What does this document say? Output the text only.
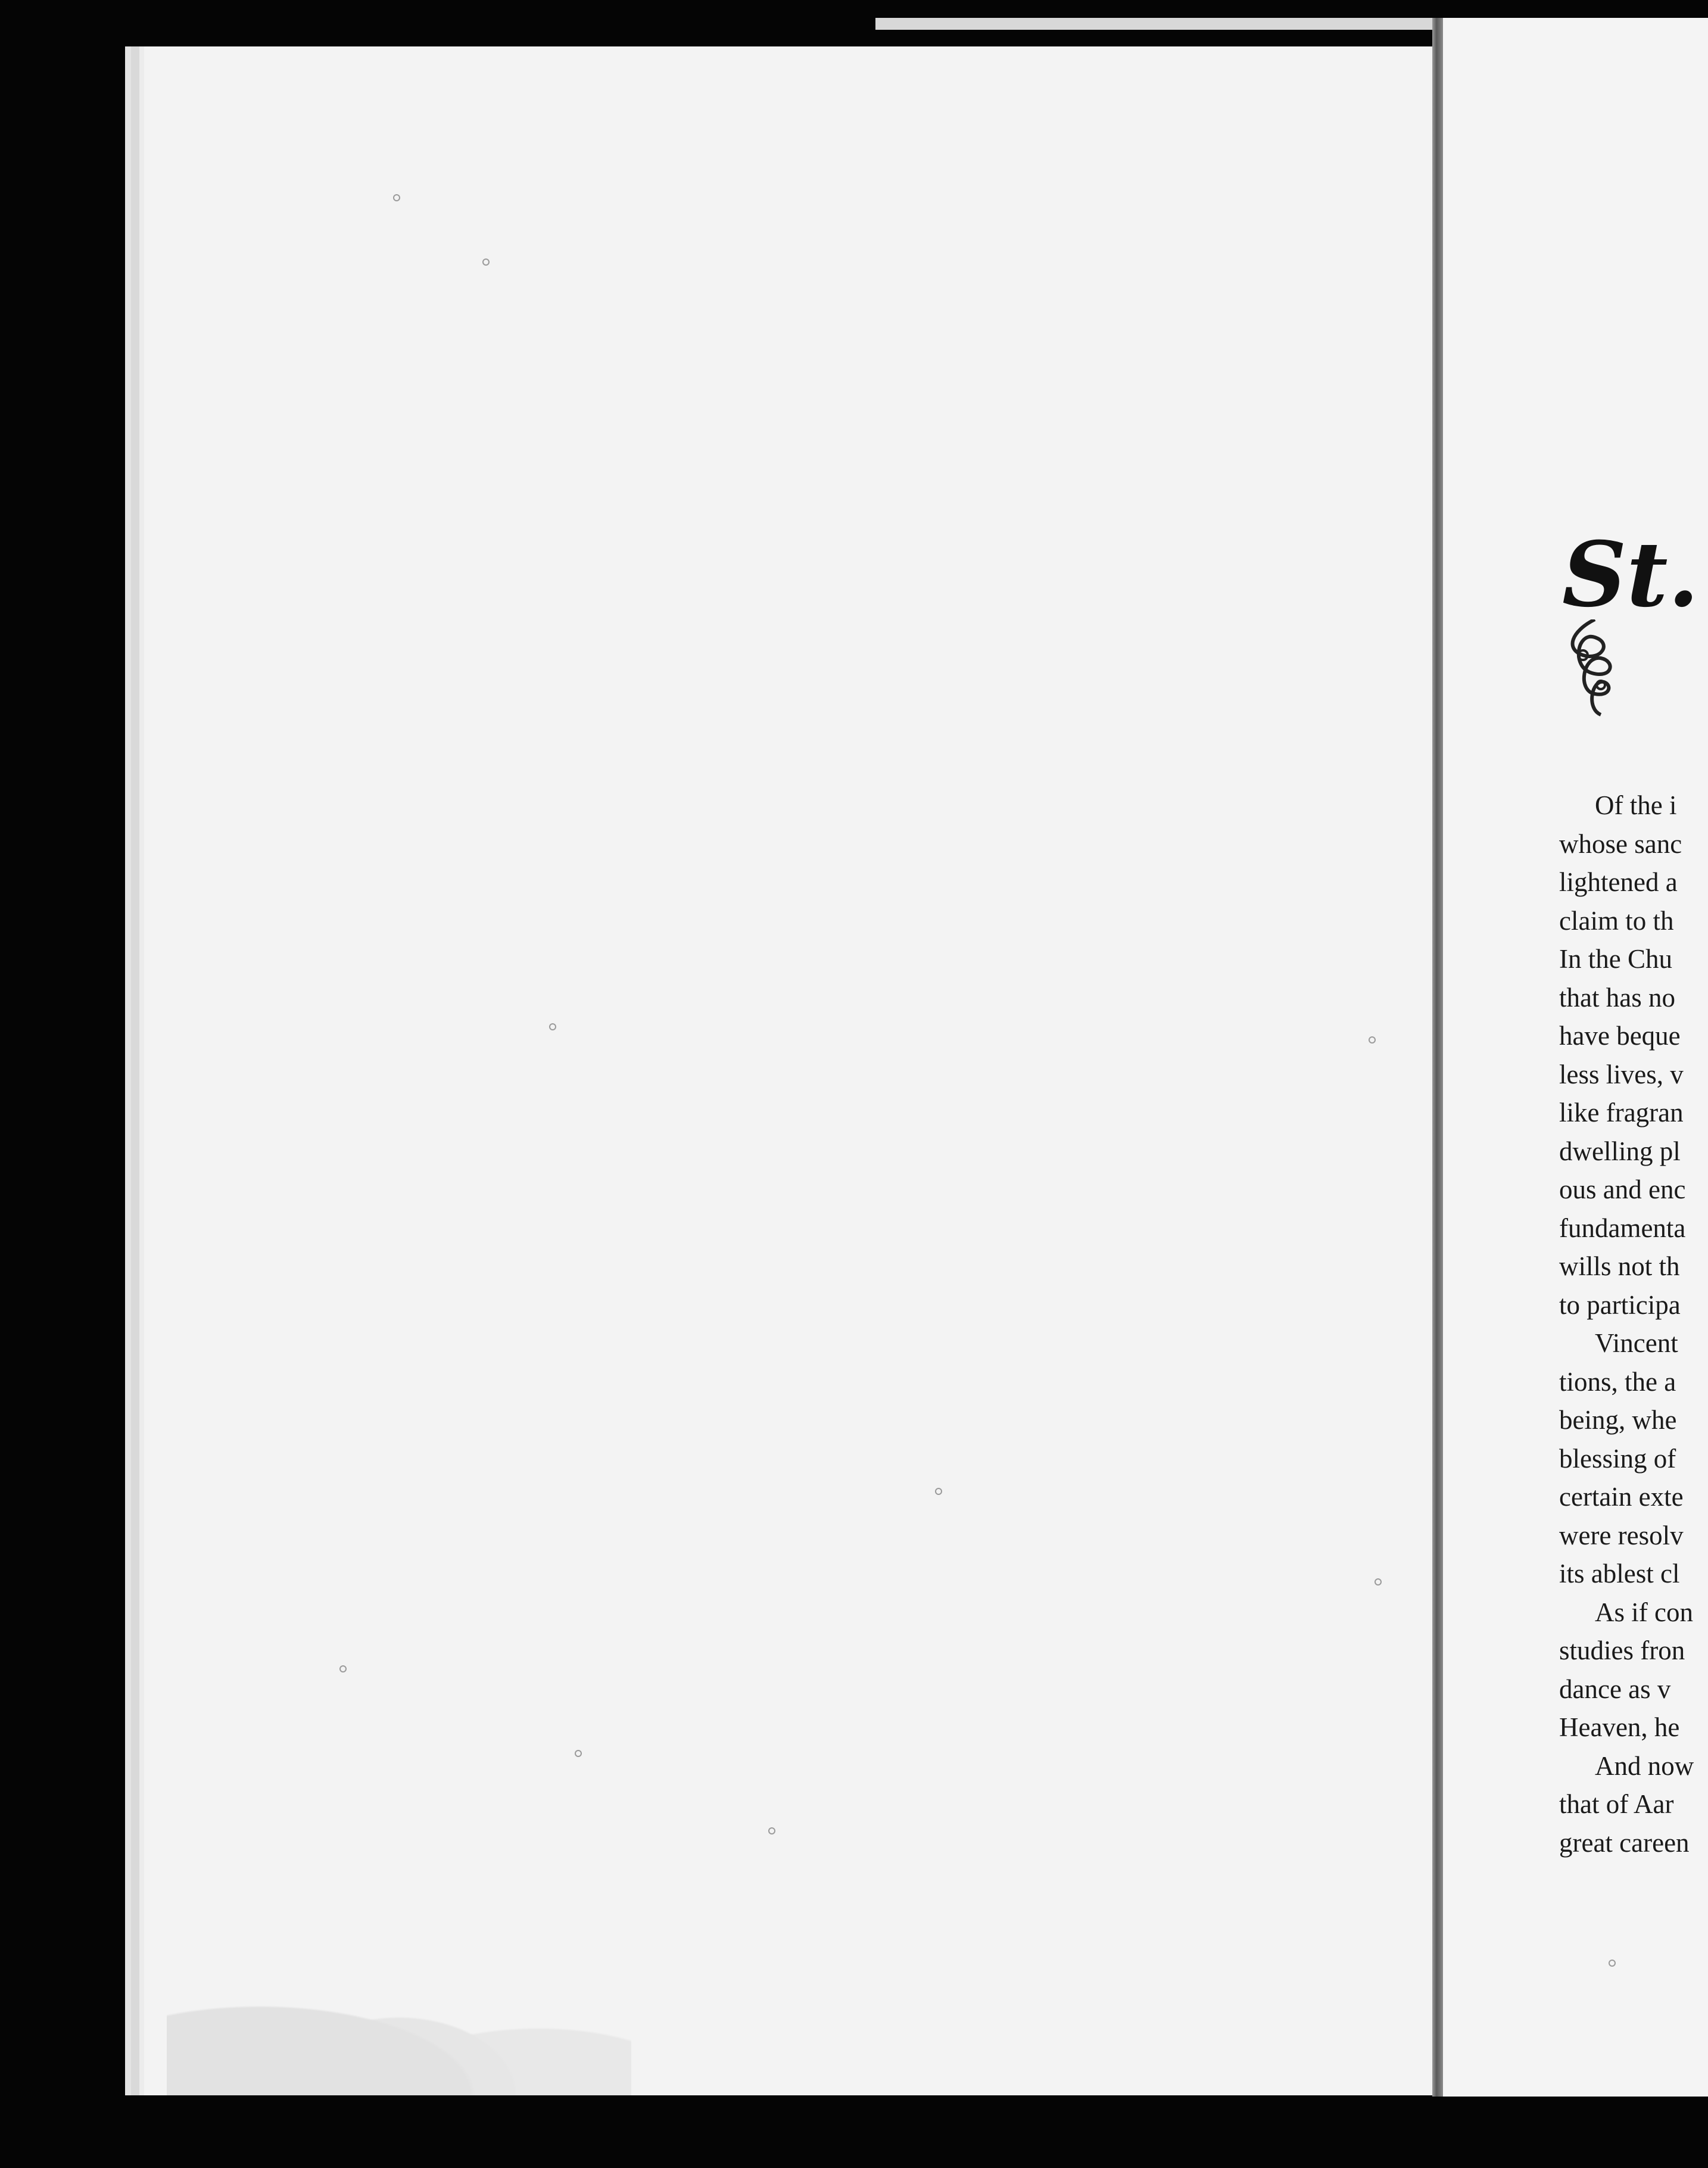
St.
Of the i
whose sanc
lightened a
claim to th
In the Chu
that has no
have beque
less lives, v
like fragran
dwelling pl
ous and enc
fundamenta
wills not th
to participa
Vincent
tions, the a
being, whe
blessing of
certain exte
were resolv
its ablest cl
As if con
studies fron
dance as v
Heaven, he
And now
that of Aar
great careen
